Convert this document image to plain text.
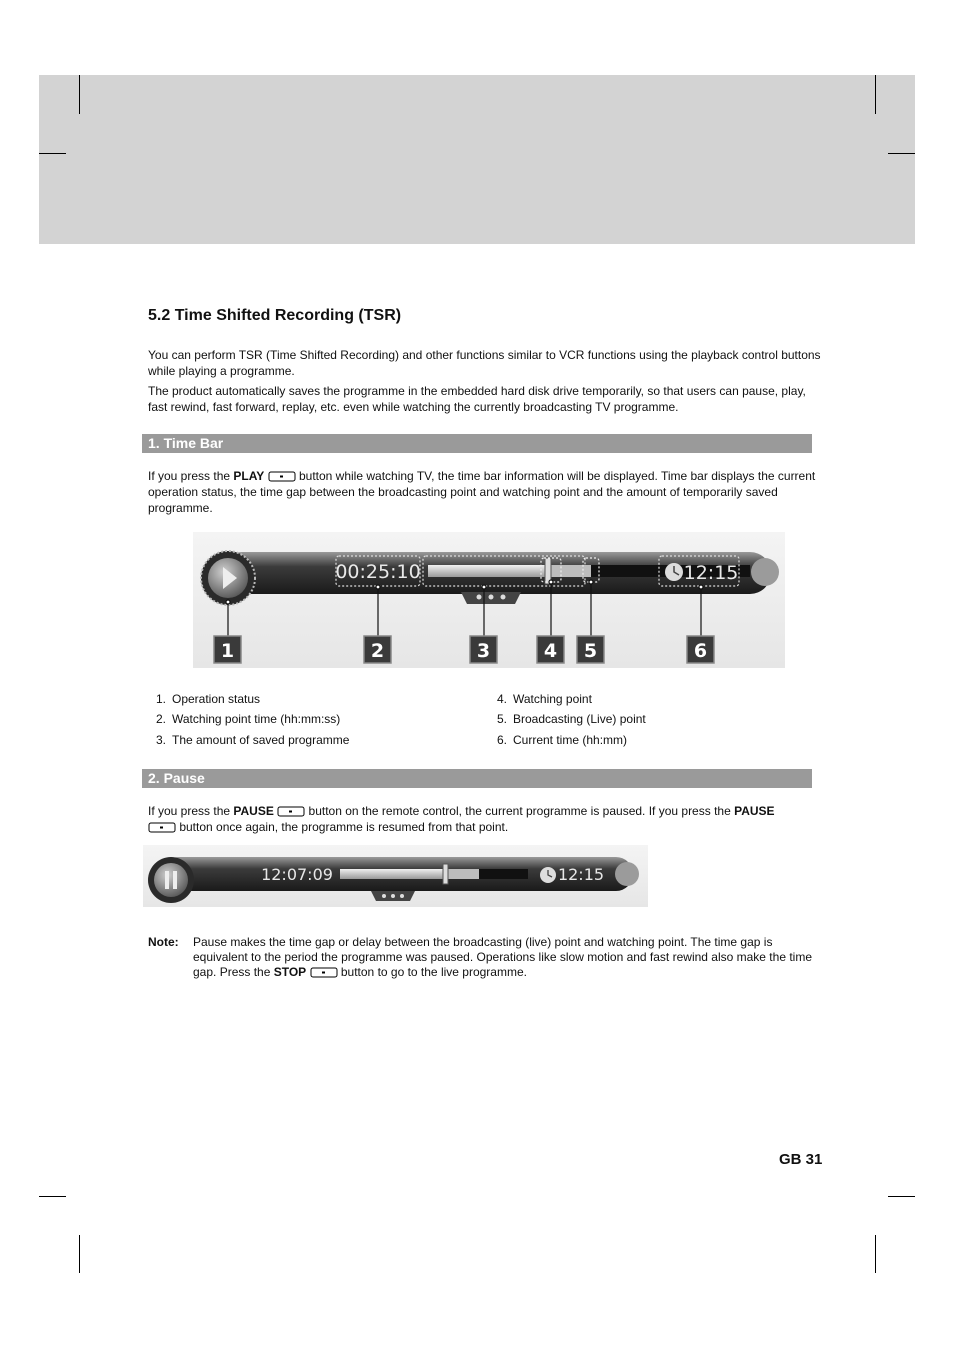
5.2 Time Shifted Recording (TSR)

You can perform TSR (Time Shifted Recording) and other functions similar to VCR functions using the playback control buttons while playing a programme.

The product automatically saves the programme in the embedded hard disk drive temporarily, so that users can pause, play, fast rewind, fast forward, replay, etc. even while watching the currently broadcasting TV programme.

1. Time Bar

If you press the PLAY	button while watching TV, the time bar information will be displayed. Time bar displays the current operation status, the time gap between the broadcasting point and watching point and the amount of temporarily saved programme.

00:25:10	12:15
1	2	3	4 5	6
1. Operation status
2. Watching point time (hh:mm:ss)
3. The amount of saved programme
4. Watching point
5. Broadcasting (Live) point
6. Current time (hh:mm)
2. Pause

If you press the PAUSE	button on the remote control, the current programme is paused. If you press the PAUSE

button once again, the programme is resumed from that point.

12:07:09	12:15
Note: Pause makes the time gap or delay between the broadcasting (live) point and watching point. The time gap is equivalent to the period the programme was paused. Operations like slow motion and fast rewind also make the time gap. Press the STOP	button to go to the live programme.

GB 31
